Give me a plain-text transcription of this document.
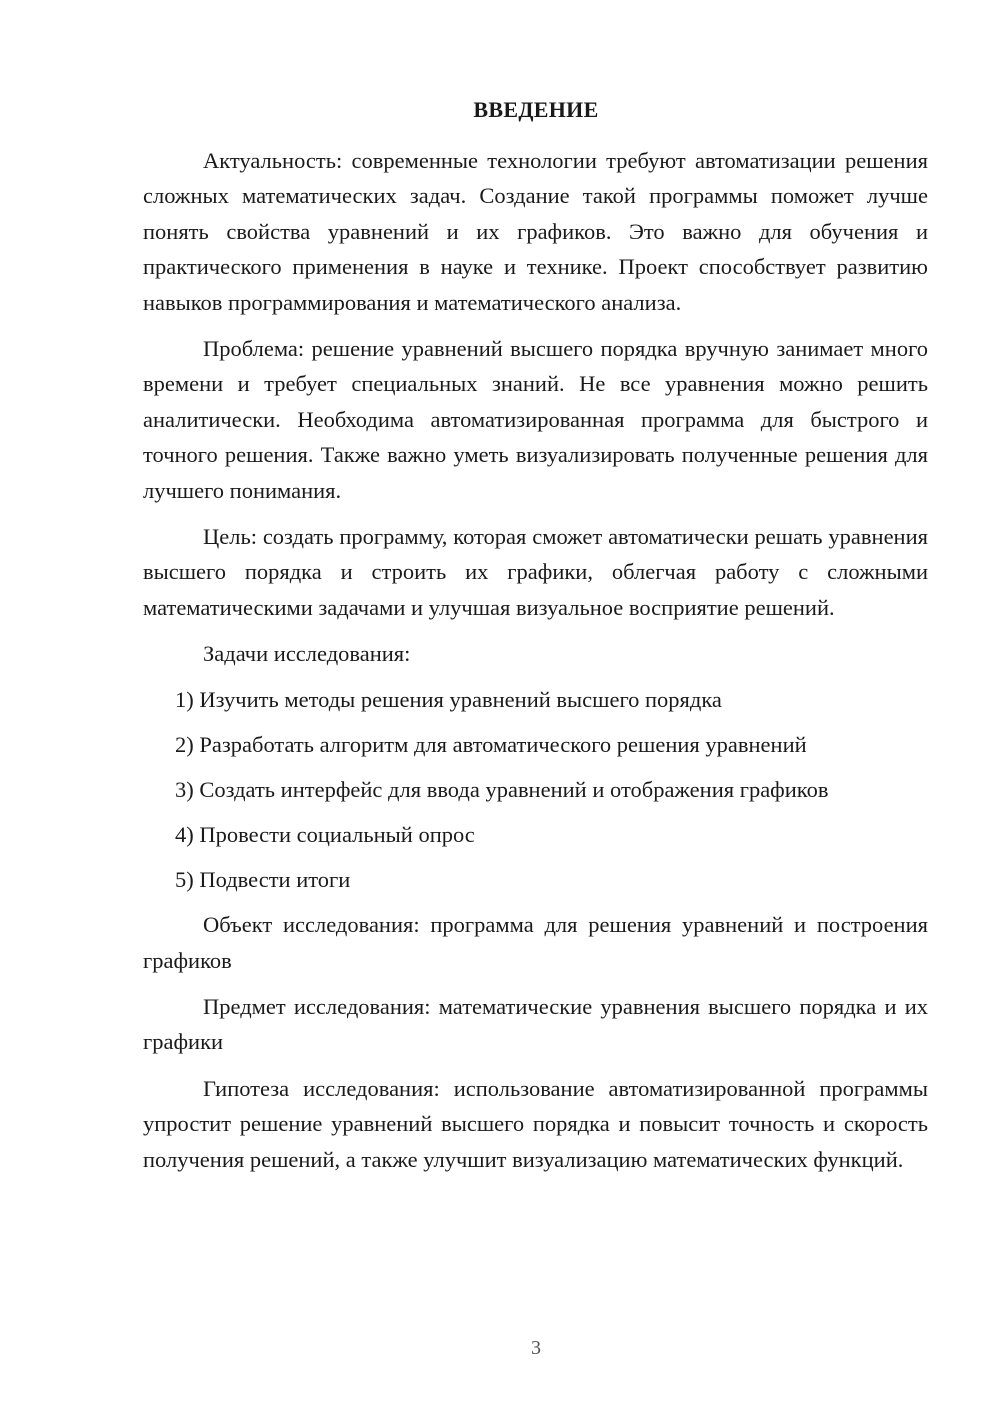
ВВЕДЕНИЕ

Актуальность: современные технологии требуют автоматизации решения сложных математических задач. Создание такой программы поможет лучше понять свойства уравнений и их графиков. Это важно для обучения и практического применения в науке и технике. Проект способствует развитию навыков программирования и математического анализа.

Проблема: решение уравнений высшего порядка вручную занимает много времени и требует специальных знаний. Не все уравнения можно решить аналитически. Необходима автоматизированная программа для быстрого и точного решения. Также важно уметь визуализировать полученные решения для лучшего понимания.

Цель: создать программу, которая сможет автоматически решать уравнения высшего порядка и строить их графики, облегчая работу с сложными математическими задачами и улучшая визуальное восприятие решений.

Задачи исследования:

1) Изучить методы решения уравнений высшего порядка
2) Разработать алгоритм для автоматического решения уравнений
3) Создать интерфейс для ввода уравнений и отображения графиков
4) Провести социальный опрос
5) Подвести итоги

Объект исследования: программа для решения уравнений и построения графиков

Предмет исследования: математические уравнения высшего порядка и их графики

Гипотеза исследования: использование автоматизированной программы упростит решение уравнений высшего порядка и повысит точность и скорость получения решений, а также улучшит визуализацию математических функций.

3
